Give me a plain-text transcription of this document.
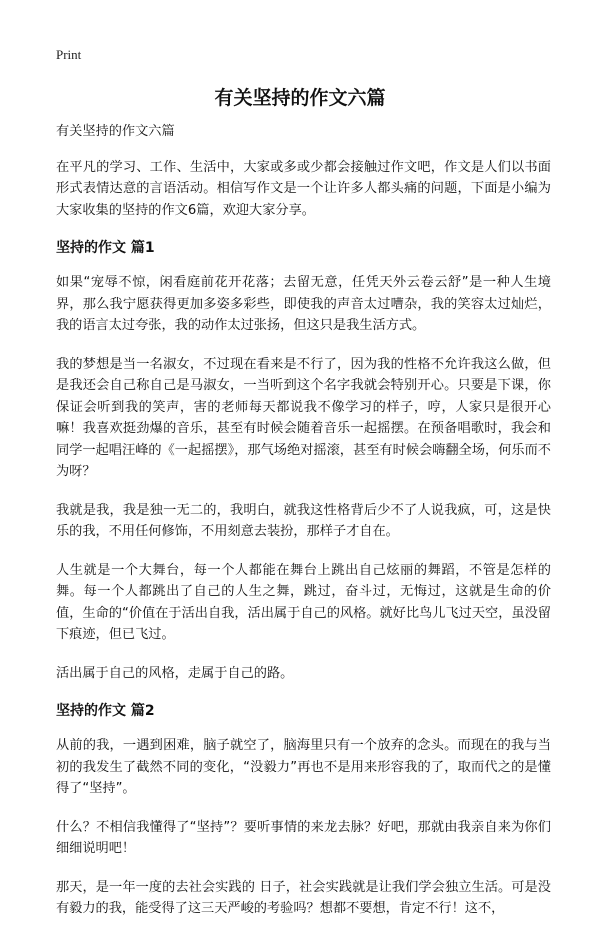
Print
有关坚持的作文六篇

有关坚持的作文六篇

在平凡的学习、工作、生活中，大家或多或少都会接触过作文吧，作文是人们以书面形式表情达意的言语活动。相信写作文是一个让许多人都头痛的问题，下面是小编为大家收集的坚持的作文6篇，欢迎大家分享。

坚持的作文 篇1

如果“宠辱不惊，闲看庭前花开花落；去留无意，任凭天外云卷云舒”是一种人生境界，那么我宁愿获得更加多姿多彩些，即使我的声音太过嘈杂，我的笑容太过灿烂，我的语言太过夸张，我的动作太过张扬，但这只是我生活方式。

我的梦想是当一名淑女，不过现在看来是不行了，因为我的性格不允许我这么做，但是我还会自己称自己是马淑女，一当听到这个名字我就会特别开心。只要是下课，你保证会听到我的笑声，害的老师每天都说我不像学习的样子，哼，人家只是很开心嘛！我喜欢挺劲爆的音乐，甚至有时候会随着音乐一起摇摆。在预备唱歌时，我会和同学一起唱汪峰的《一起摇摆》，那气场绝对摇滚，甚至有时候会嗨翻全场，何乐而不为呀？

我就是我，我是独一无二的，我明白，就我这性格背后少不了人说我疯，可，这是快乐的我，不用任何修饰，不用刻意去装扮，那样子才自在。

人生就是一个大舞台，每一个人都能在舞台上跳出自己炫丽的舞蹈，不管是怎样的舞。每一个人都跳出了自己的人生之舞，跳过，奋斗过，无悔过，这就是生命的价值，生命的“价值在于活出自我，活出属于自己的风格。就好比鸟儿飞过天空，虽没留下痕迹，但已飞过。

活出属于自己的风格，走属于自己的路。

坚持的作文 篇2

从前的我，一遇到困难，脑子就空了，脑海里只有一个放弃的念头。而现在的我与当初的我发生了截然不同的变化，“没毅力”再也不是用来形容我的了，取而代之的是懂得了“坚持”。

什么？不相信我懂得了“坚持”？要听事情的来龙去脉？好吧，那就由我亲自来为你们细细说明吧！

那天，是一年一度的去社会实践的 日子，社会实践就是让我们学会独立生活。可是没有毅力的我，能受得了这三天严峻的考验吗？想都不要想，肯定不行！这不，
